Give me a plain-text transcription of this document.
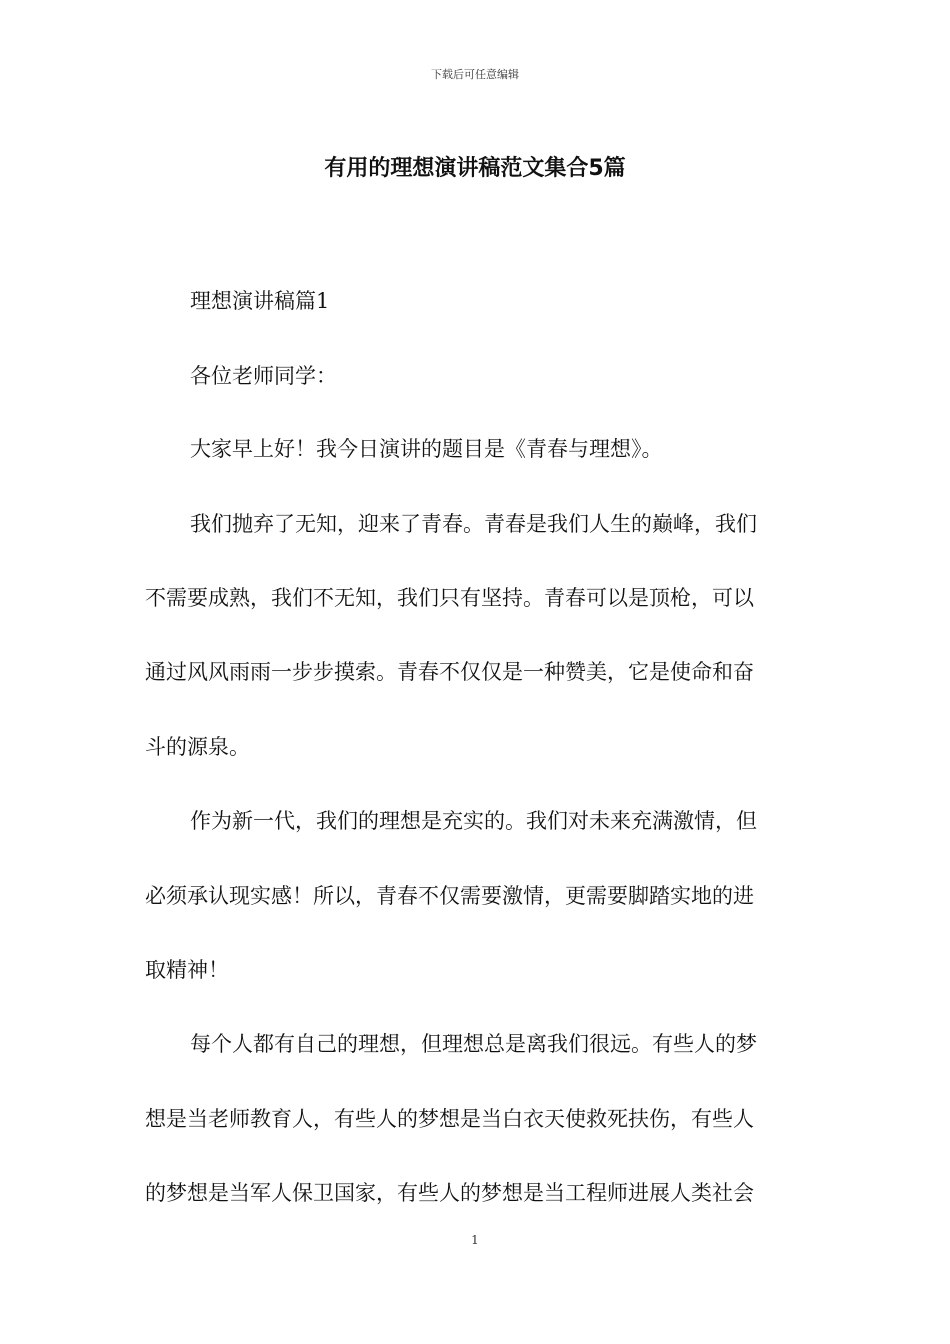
下载后可任意编辑
有用的理想演讲稿范文集合5篇
理想演讲稿篇1
各位老师同学：
大家早上好！我今日演讲的题目是《青春与理想》。
我们抛弃了无知，迎来了青春。青春是我们人生的巅峰，我们
不需要成熟，我们不无知，我们只有坚持。青春可以是顶枪，可以
通过风风雨雨一步步摸索。青春不仅仅是一种赞美，它是使命和奋
斗的源泉。
作为新一代，我们的理想是充实的。我们对未来充满激情，但
必须承认现实感！所以，青春不仅需要激情，更需要脚踏实地的进
取精神！
每个人都有自己的理想，但理想总是离我们很远。有些人的梦
想是当老师教育人，有些人的梦想是当白衣天使救死扶伤，有些人
的梦想是当军人保卫国家，有些人的梦想是当工程师进展人类社会
1
